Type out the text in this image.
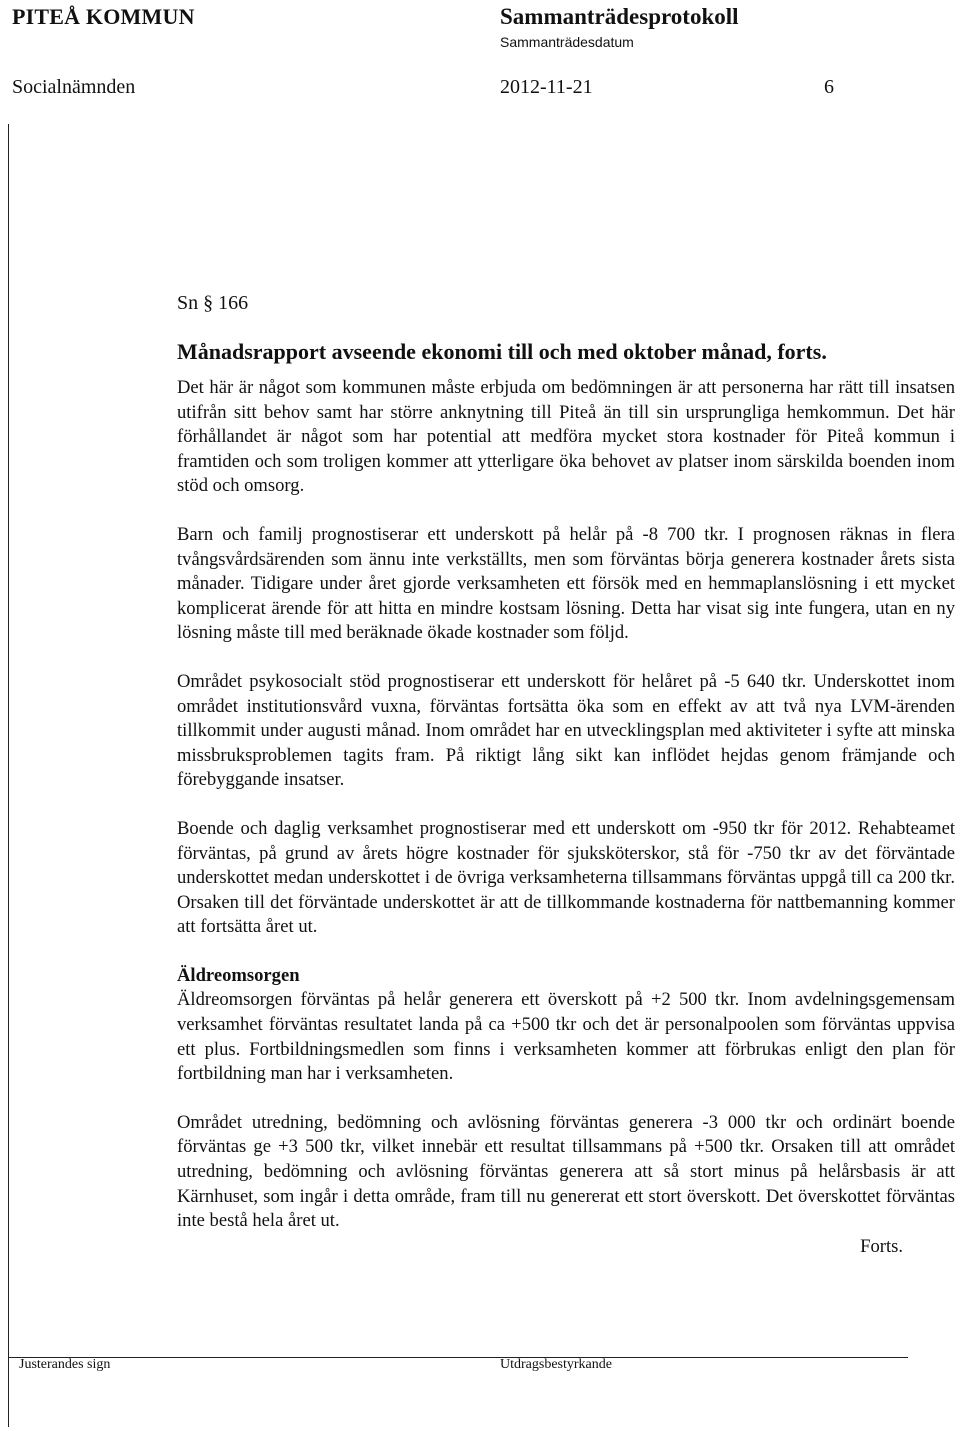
PITEÅ KOMMUN	Sammanträdesprotokoll
Sammanträdesdatum
Socialnämnden	2012-11-21	6
Sn § 166
Månadsrapport avseende ekonomi till och med oktober månad, forts.

Det här är något som kommunen måste erbjuda om bedömningen är att personerna har rätt till insatsen utifrån sitt behov samt har större anknytning till Piteå än till sin ursprungliga hemkommun. Det här förhållandet är något som har potential att medföra mycket stora kostnader för Piteå kommun i framtiden och som troligen kommer att ytterligare öka behovet av platser inom särskilda boenden inom stöd och omsorg.

Barn och familj prognostiserar ett underskott på helår på -8 700 tkr. I prognosen räknas in flera tvångsvårdsärenden som ännu inte verkställts, men som förväntas börja generera kostnader årets sista månader. Tidigare under året gjorde verksamheten ett försök med en hemmaplanslösning i ett mycket komplicerat ärende för att hitta en mindre kostsam lösning. Detta har visat sig inte fungera, utan en ny lösning måste till med beräknade ökade kostnader som följd.

Området psykosocialt stöd prognostiserar ett underskott för helåret på -5 640 tkr. Underskottet inom området institutionsvård vuxna, förväntas fortsätta öka som en effekt av att två nya LVM-ärenden tillkommit under augusti månad. Inom området har en utvecklingsplan med aktiviteter i syfte att minska missbruksproblemen tagits fram. På riktigt lång sikt kan inflödet hejdas genom främjande och förebyggande insatser.

Boende och daglig verksamhet prognostiserar med ett underskott om -950 tkr för 2012. Rehabteamet förväntas, på grund av årets högre kostnader för sjuksköterskor, stå för -750 tkr av det förväntade underskottet medan underskottet i de övriga verksamheterna tillsammans förväntas uppgå till ca 200 tkr. Orsaken till det förväntade underskottet är att de tillkommande kostnaderna för nattbemanning kommer att fortsätta året ut.

Äldreomsorgen

Äldreomsorgen förväntas på helår generera ett överskott på +2 500 tkr. Inom avdelningsgemensam verksamhet förväntas resultatet landa på ca +500 tkr och det är personalpoolen som förväntas uppvisa ett plus. Fortbildningsmedlen som finns i verksamheten kommer att förbrukas enligt den plan för fortbildning man har i verksamheten.

Området utredning, bedömning och avlösning förväntas generera -3 000 tkr och ordinärt boende förväntas ge +3 500 tkr, vilket innebär ett resultat tillsammans på +500 tkr. Orsaken till att området utredning, bedömning och avlösning förväntas generera att så stort minus på helårsbasis är att Kärnhuset, som ingår i detta område, fram till nu genererat ett stort överskott. Det överskottet förväntas inte bestå hela året ut.

Forts.
Justerandes sign	Utdragsbestyrkande
